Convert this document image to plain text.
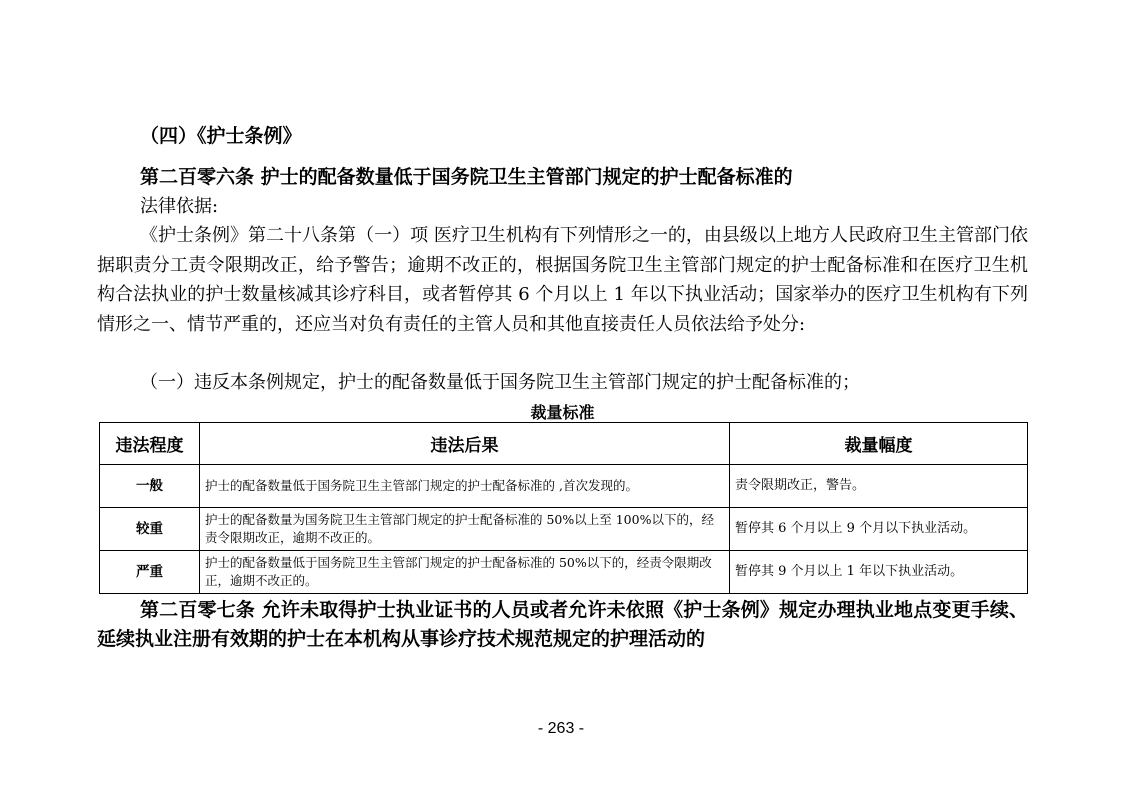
（四）《护士条例》
第二百零六条 护士的配备数量低于国务院卫生主管部门规定的护士配备标准的
法律依据:
《护士条例》第二十八条第（一）项 医疗卫生机构有下列情形之一的，由县级以上地方人民政府卫生主管部门依据职责分工责令限期改正，给予警告；逾期不改正的，根据国务院卫生主管部门规定的护士配备标准和在医疗卫生机构合法执业的护士数量核减其诊疗科目，或者暂停其 6 个月以上 1 年以下执业活动；国家举办的医疗卫生机构有下列情形之一、情节严重的，还应当对负有责任的主管人员和其他直接责任人员依法给予处分:
（一）违反本条例规定，护士的配备数量低于国务院卫生主管部门规定的护士配备标准的；
裁量标准
违法程度	违法后果	裁量幅度
一般	护士的配备数量低于国务院卫生主管部门规定的护士配备标准的 ,首次发现的。	责令限期改正，警告。
较重	护士的配备数量为国务院卫生主管部门规定的护士配备标准的 50%以上至 100%以下的，经责令限期改正，逾期不改正的。	暂停其 6 个月以上 9 个月以下执业活动。
严重	护士的配备数量低于国务院卫生主管部门规定的护士配备标准的 50%以下的，经责令限期改正，逾期不改正的。	暂停其 9 个月以上 1 年以下执业活动。
第二百零七条 允许未取得护士执业证书的人员或者允许未依照《护士条例》规定办理执业地点变更手续、延续执业注册有效期的护士在本机构从事诊疗技术规范规定的护理活动的
- 263 -
